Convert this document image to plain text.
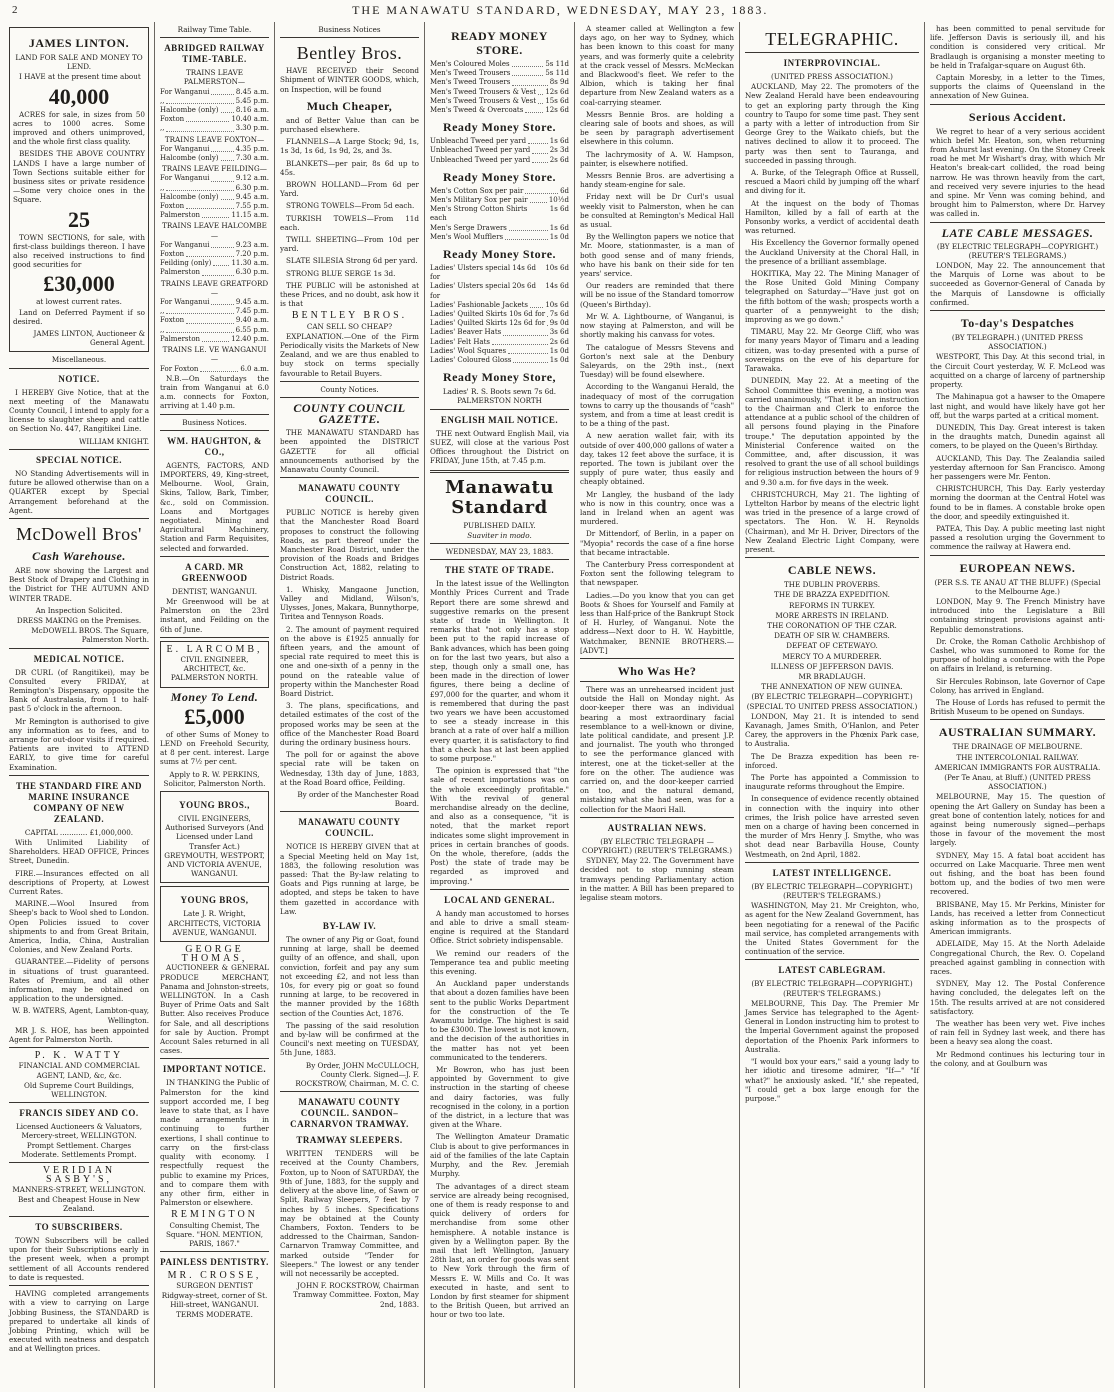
2	THE MANAWATU STANDARD, WEDNESDAY, MAY 23, 1883.
JAMES LINTON.
LAND FOR SALE AND MONEY TO LEND.
I HAVE at the present time about
40,000
ACRES for sale, in sizes from 50 acres to 1000 acres. Some improved and others unimproved, and the whole first class quality.
BESIDES THE ABOVE COUNTRY LANDS I have a large number of Town Sections suitable either for business sites or private residence—Some very choice ones in the Square.
25
TOWN SECTIONS, for sale, with first-class buildings thereon. I have also received instructions to find good securities for
£30,000
at lowest current rates.
Land on Deferred Payment if so desired.
JAMES LINTON, Auctioneer & General Agent.
Miscellaneous.
NOTICE.
I HEREBY Give Notice, that at the next meeting of the Manawatu County Council, I intend to apply for a license to slaughter sheep and cattle on Section No. 447, Rangitikei Line.
WILLIAM KNIGHT.
SPECIAL NOTICE.
NO Standing Advertisements will in future be allowed otherwise than on a QUARTER except by Special Arrangement beforehand at the Agent.
McDowell Bros'
Cash Warehouse.
ARE now showing the Largest and Best Stock of Drapery and Clothing in the District for THE AUTUMN AND WINTER TRADE.
An Inspection Solicited.
DRESS MAKING on the Premises.
McDOWELL BROS. The Square, Palmerston North.
MEDICAL NOTICE.
DR CURL (of Rangitikei), may be Consulted every FRIDAY, at Remington's Dispensary, opposite the Bank of Australasia, from 1 to half-past 5 o'clock in the afternoon.
Mr Remington is authorised to give any information as to fees, and to arrange for out-door visits if required. Patients are invited to ATTEND EARLY, to give time for careful Examination.
THE STANDARD FIRE AND MARINE INSURANCE COMPANY OF NEW ZEALAND.
CAPITAL ............ £1,000,000.
With Unlimited Liability of Shareholders. HEAD OFFICE, Princes Street, Dunedin.
FIRE.—Insurances effected on all descriptions of Property, at Lowest Current Rates.
MARINE.—Wool Insured from Sheep's back to Wool shed to London. Open Policies issued to cover shipments to and from Great Britain, America, India, China, Australian Colonies, and New Zealand Ports.
GUARANTEE.—Fidelity of persons in situations of trust guaranteed. Rates of Premium, and all other information, may be obtained on application to the undersigned.
W. B. WATERS, Agent, Lambton-quay, Wellington.
MR J. S. HOE, has been appointed Agent for Palmerston North.
P. K. WATTY
FINANCIAL AND COMMERCIAL AGENT, LAND, &c, &c.
Old Supreme Court Buildings, WELLINGTON.
FRANCIS SIDEY AND CO.
Licensed Auctioneers & Valuators, Mercery-street, WELLINGTON. Prompt Settlement. Charges Moderate. Settlements Prompt.
VERIDIAN SASBY'S,
MANNERS-STREET, WELLINGTON. Best and Cheapest House in New Zealand.
TO SUBSCRIBERS.
TOWN Subscribers will be called upon for their Subscriptions early in the present week, when a prompt settlement of all Accounts rendered to date is requested.
HAVING completed arrangements with a view to carrying on Large Jobbing Business, the STANDARD is prepared to undertake all kinds of Jobbing Printing, which will be executed with neatness and despatch and at Wellington prices.
Railway Time Table.
ABRIDGED RAILWAY TIME-TABLE.
TRAINS LEAVE PALMERSTON—
For Wanganui	8.45 a.m.
,,	5.45 p.m.
Halcombe (only) 8.16 a.m.
Foxton	10.40 a.m.
,,	3.30 p.m.
TRAINS LEAVE FOXTON—
For Wanganui	4.35 p.m.
Halcombe (only) 7.30 a.m.
TRAINS LEAVE FEILDING—
For Wanganui	9.12 a.m.
,,	6.30 p.m.
Halcombe (only) 9.45 a.m.
Foxton	7.55 p.m.
Palmerston	11.15 a.m.
TRAINS LEAVE HALCOMBE—
For Wanganui	9.23 a.m.
Foxton	7.20 p.m.
Feilding (only)	11.30 a.m.
Palmerston	6.30 p.m.
TRAINS LEAVE GREATFORD—
For Wanganui	9.45 a.m.
,,	7.45 p.m.
Foxton	9.40 a.m.
,,	6.55 p.m.
Palmerston	12.40 p.m.
TRAINS LE. VE WANGANUI—
For Foxton	6.0 a.m.
N.B.—On Saturdays the train from Wanganui at 6.0 a.m. connects for Foxton, arriving at 1.40 p.m.
Business Notices.
WM. HAUGHTON, & CO.,
AGENTS, FACTORS, AND IMPORTERS, 49, King-street, Melbourne. Wool, Grain, Skins, Tallow, Bark, Timber, &c., sold on Commission. Loans and Mortgages negotiated. Mining and Agricultural Machinery, Station and Farm Requisites, selected and forwarded.
A CARD. MR GREENWOOD
DENTIST, WANGANUI.
Mr Greenwood will be at Palmerston on the 23rd instant, and Feilding on the 6th of June.
E. LARCOMB,
CIVIL ENGINEER, ARCHITECT, &c. PALMERSTON NORTH.
Money To Lend.
£5,000
of other Sums of Money to LEND on Freehold Security, at 8 per cent. interest. Large sums at 7½ per cent.
Apply to R. W. PERKINS, Solicitor, Palmerston North.
YOUNG BROS.,
CIVIL ENGINEERS, Authorised Surveyors (And Licensed under Land Transfer Act.) GREYMOUTH, WESTPORT, AND VICTORIA AVENUE, WANGANUI.
YOUNG BROS,
Late J. R. Wright, ARCHITECTS, VICTORIA AVENUE, WANGANUI.
GEORGE THOMAS,
AUCTIONEER & GENERAL PRODUCE MERCHANT, Panama and Johnston-streets, WELLINGTON. In a Cash Buyer of Prime Oats and Salt Butter. Also receives Produce for Sale, and all descriptions for sale by Auction. Prompt Account Sales returned in all cases.
IMPORTANT NOTICE.
IN THANKING the Public of Palmerston for the kind support accorded me, I beg leave to state that, as I have made arrangements in continuing to further exertions, I shall continue to carry on the first-class quality with economy. I respectfully request the public to examine my Prices, and to compare them with any other firm, either in Palmerston or elsewhere.
REMINGTON
Consulting Chemist, The Square. "HON. MENTION, PARIS, 1867."
PAINLESS DENTISTRY.
MR. CROSSE,
SURGEON DENTIST Ridgway-street, corner of St. Hill-street, WANGANUI.
TERMS MODERATE.
Business Notices
Bentley Bros.
HAVE RECEIVED their Second Shipment of WINTER GOODS, which, on Inspection, will be found
Much Cheaper,
and of Better Value than can be purchased elsewhere.
FLANNELS—A Large Stock; 9d, 1s, 1s 3d, 1s 6d, 1s 9d, 2s, and 3s.
BLANKETS—per pair, 8s 6d up to 45s.
BROWN HOLLAND—From 6d per Yard.
STRONG TOWELS—From 5d each.
TURKISH TOWELS—From 11d each.
TWILL SHEETING—From 10d per yard.
SLATE SILESIA Strong 6d per yard.
STRONG BLUE SERGE 1s 3d.
THE PUBLIC will be astonished at these Prices, and no doubt, ask how it is that
BENTLEY BROS.
CAN SELL SO CHEAP?
EXPLANATION.—One of the Firm Periodically visits the Markets of New Zealand, and we are thus enabled to buy stock on terms specially favourable to Retail Buyers.
County Notices.
COUNTY COUNCIL GAZETTE.
THE MANAWATU STANDARD has been appointed the DISTRICT GAZETTE for all official announcements authorised by the Manawatu County Council.
MANAWATU COUNTY COUNCIL.
PUBLIC NOTICE is hereby given that the Manchester Road Board proposes to construct the following Roads, as part thereof under the Manchester Road District, under the provision of the Roads and Bridges Construction Act, 1882, relating to District Roads.
1. Whisky, Mangaone Junction, Valley and Midland, Wilson's, Ulysses, Jones, Makara, Bunnythorpe, Tiritea and Tennyson Roads.
2. The amount of payment required on the above is £1925 annually for fifteen years, and the amount of special rate required to meet this is one and one-sixth of a penny in the pound on the rateable value of property within the Manchester Road Board District.
3. The plans, specifications, and detailed estimates of the cost of the proposed works may be seen at the office of the Manchester Road Board during the ordinary business hours.
The poll for or against the above special rate will be taken on Wednesday, 13th day of June, 1883, at the Road Board office, Feilding.
By order of the Manchester Road Board.
MANAWATU COUNTY COUNCIL.
NOTICE IS HEREBY GIVEN that at a Special Meeting held on May 1st, 1883, the following resolution was passed: That the By-law relating to Goats and Pigs running at large, be adopted, and steps be taken to have them gazetted in accordance with Law.
BY-LAW IV.
The owner of any Pig or Goat, found running at large, shall be deemed guilty of an offence, and shall, upon conviction, forfeit and pay any sum not exceeding £2, and not less than 10s, for every pig or goat so found running at large, to be recovered in the manner provided by the 168th section of the Counties Act, 1876.
The passing of the said resolution and by-law will be confirmed at the Council's next meeting on TUESDAY, 5th June, 1883.
By Order, JOHN McCULLOCH, County Clerk. Signed—J. F. ROCKSTROW, Chairman, M. C. C.
MANAWATU COUNTY COUNCIL. SANDON–CARNARVON TRAMWAY.
TRAMWAY SLEEPERS.
WRITTEN TENDERS will be received at the County Chambers, Foxton, up to Noon of SATURDAY, the 9th of June, 1883, for the supply and delivery at the above line, of Sawn or Split, Railway Sleepers, 7 feet by 7 inches by 5 inches. Specifications may be obtained at the County Chambers, Foxton. Tenders to be addressed to the Chairman, Sandon-Carnarvon Tramway Committee, and marked outside "Tender for Sleepers." The lowest or any tender will not necessarily be accepted.
JOHN F. ROCKSTROW, Chairman Tramway Committee. Foxton, May 2nd, 1883.
READY MONEY STORE.
Men's Coloured Moles	5s 11d
Men's Tweed Trousers	5s 11d
Men's Tweed Trousers	8s 9d
Men's Tweed Trousers & Vest 12s 6d
Men's Tweed Trousers & Vest 15s 6d
Men's Tweed & Overcoats	12s 6d
Ready Money Store.
Unbleachd Tweed per yard	1s 6d
Unbleached Tweed per yard	2s 3d
Unbleached Tweed per yard	2s 6d
Ready Money Store.
Men's Cotton Sox per pair	6d
Men's Military Sox per pair	10½d
Men's Strong Cotton Shirts each
1s 6d
Men's Serge Drawers	1s 6d
Men's Wool Mufflers	1s 0d
Ready Money Store.
Ladies' Ulsters special 14s 6d for
10s 6d
Ladies' Ulsters special 20s 6d for
14s 6d
Ladies' Fashionable Jackets 10s 6d
Ladies' Quilted Skirts 10s 6d for 7s 6d
Ladies' Quilted Skirts 12s 6d for 9s 0d
Ladies' Beaver Hats	3s 6d
Ladies' Felt Hats	2s 6d
Ladies' Wool Squares	1s 0d
Ladies' Coloured Gloss	1s 0d
Ready Money Store,
Ladies' R. S. Boots sewn 7s 6d. PALMERSTON NORTH
ENGLISH MAIL NOTICE.
THE next Outward English Mail, via SUEZ, will close at the various Post Offices throughout the District on FRIDAY, June 15th, at 7.45 p.m.
Manawatu Standard
PUBLISHED DAILY.
Suaviter in modo.
WEDNESDAY, MAY 23, 1883.
THE STATE OF TRADE.
In the latest issue of the Wellington Monthly Prices Current and Trade Report there are some shrewd and suggestive remarks on the present state of trade in Wellington. It remarks that "not only has a stop been put to the rapid increase of Bank advances, which has been going on for the last two years, but also a step, though only a small one, has been made in the direction of lower figures, there being a decline of £97,000 for the quarter, and whom it is remembered that during the past two years we have been accustomed to see a steady increase in this branch at a rate of over half a million every quarter, it is satisfactory to find that a check has at last been applied to some purpose."
The opinion is expressed that "the sale of recent importations was on the whole exceedingly profitable." With the revival of general merchandise already on the decline, and also as a consequence, "it is noted, that the market report indicates some slight improvement in prices in certain branches of goods. On the whole, therefore, (adds the Post) the state of trade may be regarded as improved and improving."
LOCAL AND GENERAL.
A handy man accustomed to horses and able to drive a small steam-engine is required at the Standard Office. Strict sobriety indispensable.
We remind our readers of the Temperance tea and public meeting this evening.
An Auckland paper understands that about a dozen families have been sent to the public Works Department for the construction of the Te Awamutu bridge. The highest is said to be £3000. The lowest is not known, and the decision of the authorities in the matter has not yet been communicated to the tenderers.
Mr Bowron, who has just been appointed by Government to give instruction in the starting of cheese and dairy factories, was fully recognised in the colony, in a portion of the district, in a lecture that was given at the Whare.
The Wellington Amateur Dramatic Club is about to give performances in aid of the families of the late Captain Murphy, and the Rev. Jeremiah Murphy.
The advantages of a direct steam service are already being recognised, one of them is ready response to and quick delivery of orders for merchandise from some other hemisphere. A notable instance is given by a Wellington paper. By the mail that left Wellington, January 28th last, an order for goods was sent to New York through the firm of Messrs E. W. Mills and Co. It was executed in haste, and sent to London by first steamer for shipment to the British Queen, but arrived an hour or two too late.
A steamer called at Wellington a few days ago, on her way to Sydney, which has been known to this coast for many years, and was formerly quite a celebrity at the crack vessel of Messrs. McMeckan and Blackwood's fleet. We refer to the Albion, which is taking her final departure from New Zealand waters as a coal-carrying steamer.
Messrs Bennie Bros. are holding a clearing sale of boots and shoes, as will be seen by paragraph advertisement elsewhere in this column.
The lachrymosity of A. W. Hampson, painter, is elsewhere notified.
Messrs Bennie Bros. are advertising a handy steam-engine for sale.
Friday next will be Dr Curl's usual weekly visit to Palmerston, when he can be consulted at Remington's Medical Hall as usual.
By the Wellington papers we notice that Mr. Moore, stationmaster, is a man of both good sense and of many friends, who have his bank on their side for ten years' service.
Our readers are reminded that there will be no issue of the Standard tomorrow (Queen's Birthday).
Mr W. A. Lightbourne, of Wanganui, is now staying at Palmerston, and will be shortly making his canvass for votes.
The catalogue of Messrs Stevens and Gorton's next sale at the Denbury Saleyards, on the 29th inst., (next Tuesday) will be found elsewhere.
According to the Wanganui Herald, the inadequacy of most of the corrugation towns to carry up the thousands of "cash" system, and from a time at least credit is to be a thing of the past.
A new aeration wallet fair, with its outside of over 400,000 gallons of water a day, takes 12 feet above the surface, it is reported. The town is jubilant over the supply of pure water, thus easily and cheaply obtained.
Mr Langley, the husband of the lady who is now in this country, once was a land in Ireland when an agent was murdered.
Dr Mittendorf, of Berlin, in a paper on "Myopia" records the case of a fine horse that became intractable.
The Canterbury Press correspondent at Foxton sent the following telegram to that newspaper.
Ladies.—Do you know that you can get Boots & Shoes for Yourself and Family at less than Half-price of the Bankrupt Stock of H. Hurley, of Wanganui. Note the address—Next door to H. W. Haybittle, Watchmaker, BENNIE BROTHERS.—[ADVT.]
Who Was He?
There was an unrehearsed incident just outside the Hall on Monday night. As door-keeper there was an individual bearing a most extraordinary facial resemblance to a well-known or divine, late political candidate, and present J.P. and journalist. The youth who thronged to see the performance glanced with interest, one at the ticket-seller at the fore on the other. The audience was carried on, and the door-keeper carried on too, and the natural demand, mistaking what she had seen, was for a collection for the Maori Hall.
AUSTRALIAN NEWS.
(BY ELECTRIC TELEGRAPH — COPYRIGHT.) (REUTER'S TELEGRAMS.)
SYDNEY, May 22. The Government have decided not to stop running steam tramways pending Parliamentary action in the matter. A Bill has been prepared to legalise steam motors.
TELEGRAPHIC.
INTERPROVINCIAL.
(UNITED PRESS ASSOCIATION.)
AUCKLAND, May 22. The promoters of the New Zealand Herald have been endeavouring to get an exploring party through the King country to Taupo for some time past. They sent a party with a letter of introduction from Sir George Grey to the Waikato chiefs, but the natives declined to allow it to proceed. The party was then sent to Tauranga, and succeeded in passing through.
A. Burke, of the Telegraph Office at Russell, rescued a Maori child by jumping off the wharf and diving for it.
At the inquest on the body of Thomas Hamilton, killed by a fall of earth at the Ponsonby works, a verdict of accidental death was returned.
His Excellency the Governor formally opened the Auckland University at the Choral Hall, in the presence of a brilliant assemblage.
HOKITIKA, May 22. The Mining Manager of the Rose United Gold Mining Company telegraphed on Saturday—"Have just got on the fifth bottom of the wash; prospects worth a quarter of a pennyweight to the dish; improving as we go down."
TIMARU, May 22. Mr George Cliff, who was for many years Mayor of Timaru and a leading citizen, was to-day presented with a purse of sovereigns on the eve of his departure for Tarawaka.
DUNEDIN, May 22. At a meeting of the School Committee this evening, a motion was carried unanimously, "That it be an instruction to the Chairman and Clerk to enforce the attendance at a public school of the children of all persons found playing in the Pinafore troupe." The deputation appointed by the Ministerial Conference waited on the Committee, and, after discussion, it was resolved to grant the use of all school buildings for religious instruction between the hours of 9 and 9.30 a.m. for five days in the week.
CHRISTCHURCH, May 21. The lighting of Lyttelton Harbor by means of the electric light was tried in the presence of a large crowd of spectators. The Hon. W. H. Reynolds (Chairman), and Mr H. Driver, Directors of the New Zealand Electric Light Company, were present.
CABLE NEWS.
THE DUBLIN PROVERBS.
THE DE BRAZZA EXPEDITION.
REFORMS IN TURKEY.
MORE ARRESTS IN IRELAND.
THE CORONATION OF THE CZAR.
DEATH OF SIR W. CHAMBERS.
DEFEAT OF CETEWAYO.
MERCY TO A MURDERER.
ILLNESS OF JEFFERSON DAVIS.
MR BRADLAUGH.
THE ANNEXATION OF NEW GUINEA.
(BY ELECTRIC TELEGRAPH—COPYRIGHT.) (SPECIAL TO UNITED PRESS ASSOCIATION.)
LONDON, May 21. It is intended to send Kavanagh, James Smith, O'Hanlon, and Peter Carey, the approvers in the Phœnix Park case, to Australia.
The De Brazza expedition has been re-inforced.
The Porte has appointed a Commission to inaugurate reforms throughout the Empire.
In consequence of evidence recently obtained in connection with the inquiry into other crimes, the Irish police have arrested seven men on a charge of having been concerned in the murder of Mrs Henry J. Smythe, who was shot dead near Barbavilla House, County Westmeath, on 2nd April, 1882.
LATEST INTELLIGENCE.
(BY ELECTRIC TELEGRAPH—COPYRIGHT.) (REUTER'S TELEGRAMS.)
WASHINGTON, May 21. Mr Creighton, who, as agent for the New Zealand Government, has been negotiating for a renewal of the Pacific mail service, has completed arrangements with the United States Government for the continuation of the service.
LATEST CABLEGRAM.
(BY ELECTRIC TELEGRAPH—COPYRIGHT.) (REUTER'S TELEGRAMS.)
MELBOURNE, This Day. The Premier Mr James Service has telegraphed to the Agent-General in London instructing him to protest to the Imperial Government against the proposed deportation of the Phoenix Park informers to Australia.
"I would box your ears," said a young lady to her idiotic and tiresome admirer, "If—" "If what?" he anxiously asked. "If," she repeated, "I could get a box large enough for the purpose."
has been committed to penal servitude for life. Jefferson Davis is seriously ill, and his condition is considered very critical. Mr Bradlaugh is organising a monster meeting to be held in Trafalgar-square on August 6th.
Captain Moresby, in a letter to the Times, supports the claims of Queensland in the annexation of New Guinea.
Serious Accident.
We regret to hear of a very serious accident which befel Mr. Heaton, son, when returning from Ashurst last evening. On the Stoney Creek road he met Mr Wishart's dray, with which Mr Heaton's break-cart collided, the road being narrow. He was thrown heavily from the cart, and received very severe injuries to the head and spine. Mr Venn was coming behind, and brought him to Palmerston, where Dr. Harvey was called in.
LATE CABLE MESSAGES.
(BY ELECTRIC TELEGRAPH—COPYRIGHT.) (REUTER'S TELEGRAMS.)
LONDON, May 22. The announcement that the Marquis of Lorne was about to be succeeded as Governor-General of Canada by the Marquis of Lansdowne is officially confirmed.
To-day's Despatches
(BY TELEGRAPH.) (UNITED PRESS ASSOCIATION.)
WESTPORT, This Day. At this second trial, in the Circuit Court yesterday, W. F. McLeod was acquitted on a charge of larceny of partnership property.
The Mahinapua got a hawser to the Omapere last night, and would have likely have got her off, but the warps parted at a critical moment.
DUNEDIN, This Day. Great interest is taken in the draughts match, Dunedin against all comers, to be played on the Queen's Birthday.
AUCKLAND, This Day. The Zealandia sailed yesterday afternoon for San Francisco. Among her passengers were Mr. Fenton.
CHRISTCHURCH, This Day. Early yesterday morning the doorman at the Central Hotel was found to be in flames. A constable broke open the door, and speedily extinguished it.
PATEA, This Day. A public meeting last night passed a resolution urging the Government to commence the railway at Hawera end.
EUROPEAN NEWS.
(PER S.S. TE ANAU AT THE BLUFF.) (Special to the Melbourne Age.)
LONDON, May 9. The French Ministry have introduced into the Legislature a Bill containing stringent provisions against anti-Republic demonstrations.
Dr. Croke, the Roman Catholic Archbishop of Cashel, who was summoned to Rome for the purpose of holding a conference with the Pope on affairs in Ireland, is returning.
Sir Hercules Robinson, late Governor of Cape Colony, has arrived in England.
The House of Lords has refused to permit the British Museum to be opened on Sundays.
AUSTRALIAN SUMMARY.
THE DRAINAGE OF MELBOURNE.
THE INTERCOLONIAL RAILWAY.
AMERICAN IMMIGRANTS FOR AUSTRALIA.
(Per Te Anau, at Bluff.) (UNITED PRESS ASSOCIATION.)
MELBOURNE, May 15. The question of opening the Art Gallery on Sunday has been a great bone of contention lately, notices for and against being numerously signed—perhaps those in favour of the movement the most largely.
SYDNEY, May 15. A fatal boat accident has occurred on Lake Macquarie. Three men went out fishing, and the boat has been found bottom up, and the bodies of two men were recovered.
BRISBANE, May 15. Mr Perkins, Minister for Lands, has received a letter from Connecticut asking information as to the prospects of American immigrants.
ADELAIDE, May 15. At the North Adelaide Congregational Church, the Rev. O. Copeland preached against gambling in connection with races.
SYDNEY, May 12. The Postal Conference having concluded, the delegates left on the 15th. The results arrived at are not considered satisfactory.
The weather has been very wet. Five inches of rain fell in Sydney last week, and there has been a heavy sea along the coast.
Mr Redmond continues his lecturing tour in the colony, and at Goulburn was
